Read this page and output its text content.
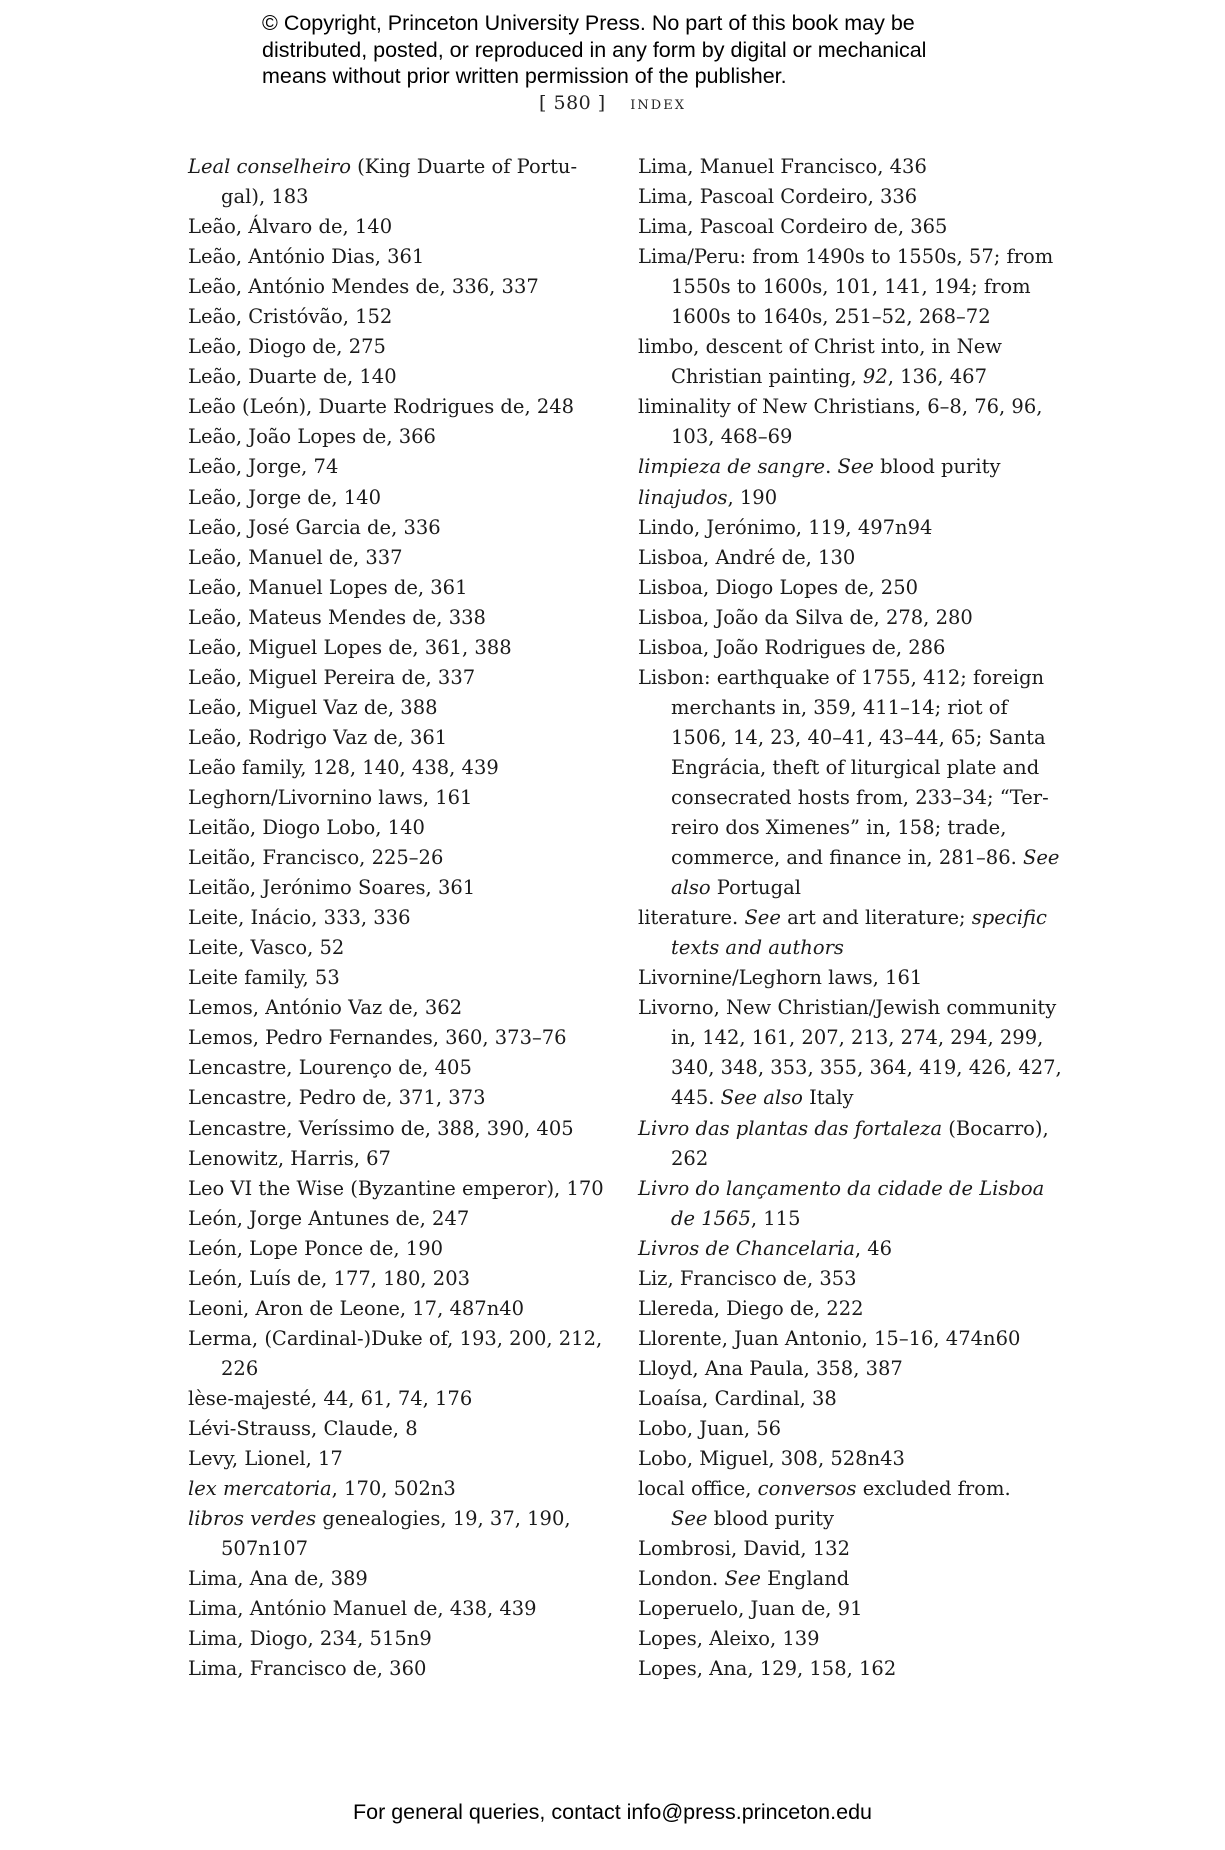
© Copyright, Princeton University Press. No part of this book may be
distributed, posted, or reproduced in any form by digital or mechanical
means without prior written permission of the publisher.
[ 580 ] index
Leal conselheiro (King Duarte of Portu-
gal), 183
Leão, Álvaro de, 140
Leão, António Dias, 361
Leão, António Mendes de, 336, 337
Leão, Cristóvão, 152
Leão, Diogo de, 275
Leão, Duarte de, 140
Leão (León), Duarte Rodrigues de, 248
Leão, João Lopes de, 366
Leão, Jorge, 74
Leão, Jorge de, 140
Leão, José Garcia de, 336
Leão, Manuel de, 337
Leão, Manuel Lopes de, 361
Leão, Mateus Mendes de, 338
Leão, Miguel Lopes de, 361, 388
Leão, Miguel Pereira de, 337
Leão, Miguel Vaz de, 388
Leão, Rodrigo Vaz de, 361
Leão family, 128, 140, 438, 439
Leghorn/Livornino laws, 161
Leitão, Diogo Lobo, 140
Leitão, Francisco, 225–26
Leitão, Jerónimo Soares, 361
Leite, Inácio, 333, 336
Leite, Vasco, 52
Leite family, 53
Lemos, António Vaz de, 362
Lemos, Pedro Fernandes, 360, 373–76
Lencastre, Lourenço de, 405
Lencastre, Pedro de, 371, 373
Lencastre, Veríssimo de, 388, 390, 405
Lenowitz, Harris, 67
Leo VI the Wise (Byzantine emperor), 170
León, Jorge Antunes de, 247
León, Lope Ponce de, 190
León, Luís de, 177, 180, 203
Leoni, Aron de Leone, 17, 487n40
Lerma, (Cardinal-)Duke of, 193, 200, 212,
226
lèse-majesté, 44, 61, 74, 176
Lévi-Strauss, Claude, 8
Levy, Lionel, 17
lex mercatoria, 170, 502n3
libros verdes genealogies, 19, 37, 190,
507n107
Lima, Ana de, 389
Lima, António Manuel de, 438, 439
Lima, Diogo, 234, 515n9
Lima, Francisco de, 360
Lima, Manuel Francisco, 436
Lima, Pascoal Cordeiro, 336
Lima, Pascoal Cordeiro de, 365
Lima/Peru: from 1490s to 1550s, 57; from
1550s to 1600s, 101, 141, 194; from
1600s to 1640s, 251–52, 268–72
limbo, descent of Christ into, in New
Christian painting, 92, 136, 467
liminality of New Christians, 6–8, 76, 96,
103, 468–69
limpieza de sangre. See blood purity
linajudos, 190
Lindo, Jerónimo, 119, 497n94
Lisboa, André de, 130
Lisboa, Diogo Lopes de, 250
Lisboa, João da Silva de, 278, 280
Lisboa, João Rodrigues de, 286
Lisbon: earthquake of 1755, 412; foreign
merchants in, 359, 411–14; riot of
1506, 14, 23, 40–41, 43–44, 65; Santa
Engrácia, theft of liturgical plate and
consecrated hosts from, 233–34; “Ter-
reiro dos Ximenes” in, 158; trade,
commerce, and finance in, 281–86. See
also Portugal
literature. See art and literature; specific
texts and authors
Livornine/Leghorn laws, 161
Livorno, New Christian/Jewish community
in, 142, 161, 207, 213, 274, 294, 299,
340, 348, 353, 355, 364, 419, 426, 427,
445. See also Italy
Livro das plantas das fortaleza (Bocarro),
262
Livro do lançamento da cidade de Lisboa
de 1565, 115
Livros de Chancelaria, 46
Liz, Francisco de, 353
Llereda, Diego de, 222
Llorente, Juan Antonio, 15–16, 474n60
Lloyd, Ana Paula, 358, 387
Loaísa, Cardinal, 38
Lobo, Juan, 56
Lobo, Miguel, 308, 528n43
local office, conversos excluded from.
See blood purity
Lombrosi, David, 132
London. See England
Loperuelo, Juan de, 91
Lopes, Aleixo, 139
Lopes, Ana, 129, 158, 162
For general queries, contact info@press.princeton.edu
